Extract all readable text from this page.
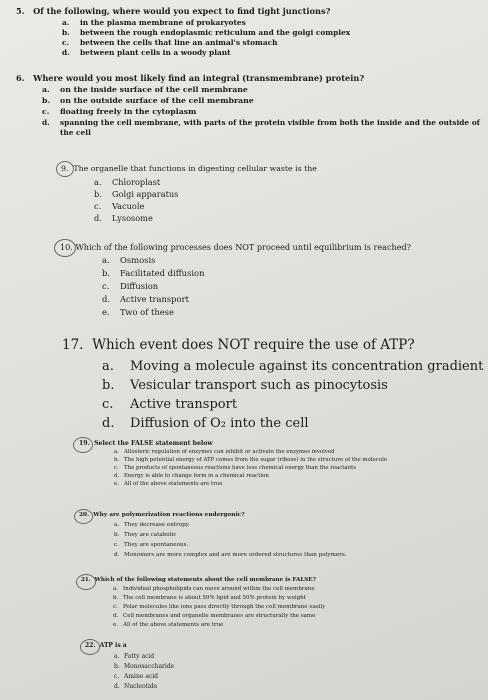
5. Of the following, where would you expect to find tight junctions?
a. in the plasma membrane of prokaryotes
b. between the rough endoplasmic reticulum and the golgi complex
c. between the cells that line an animal's stomach
d. between plant cells in a woody plant
6. Where would you most likely find an integral (transmembrane) protein?
a. on the inside surface of the cell membrane
b. on the outside surface of the cell membrane
c. floating freely in the cytoplasm
d. spanning the cell membrane, with parts of the protein visible from both the inside and the outside of
the cell
9. The organelle that functions in digesting cellular waste is the
a. Chloroplast
b. Golgi apparatus
c. Vacuole
d. Lysosome
10. Which of the following processes does NOT proceed until equilibrium is reached?
a. Osmosis
b. Facilitated diffusion
c. Diffusion
d. Active transport
e. Two of these
17. Which event does NOT require the use of ATP?
a. Moving a molecule against its concentration gradient
b. Vesicular transport such as pinocytosis
c. Active transport
d. Diffusion of O₂ into the cell
19. Select the FALSE statement below
a. Allosteric regulation of enzymes can inhibit or activate the enzymes involved
b. The high potential energy of ATP comes from the sugar (ribose) in the structure of the molecule
c. The products of spontaneous reactions have less chemical energy than the reactants
d. Energy is able to change form in a chemical reaction
e. All of the above statements are true
20. Why are polymerization reactions endergonic?
a. They decrease entropy.
b. They are catabolic
c. They are spontaneous.
d. Monomers are more complex and are more ordered structures than polymers.
21. Which of the following statements about the cell membrane is FALSE?
a. Individual phospholipids can move around within the cell membrane
b. The cell membrane is about 50% lipid and 50% protein by weight
c. Polar molecules like ions pass directly through the cell membrane easily
d. Cell membranes and organelle membranes are structurally the same
e. All of the above statements are true
22. ATP is a
a. Fatty acid
b. Monosaccharide
c. Amino acid
d. Nucleotide
